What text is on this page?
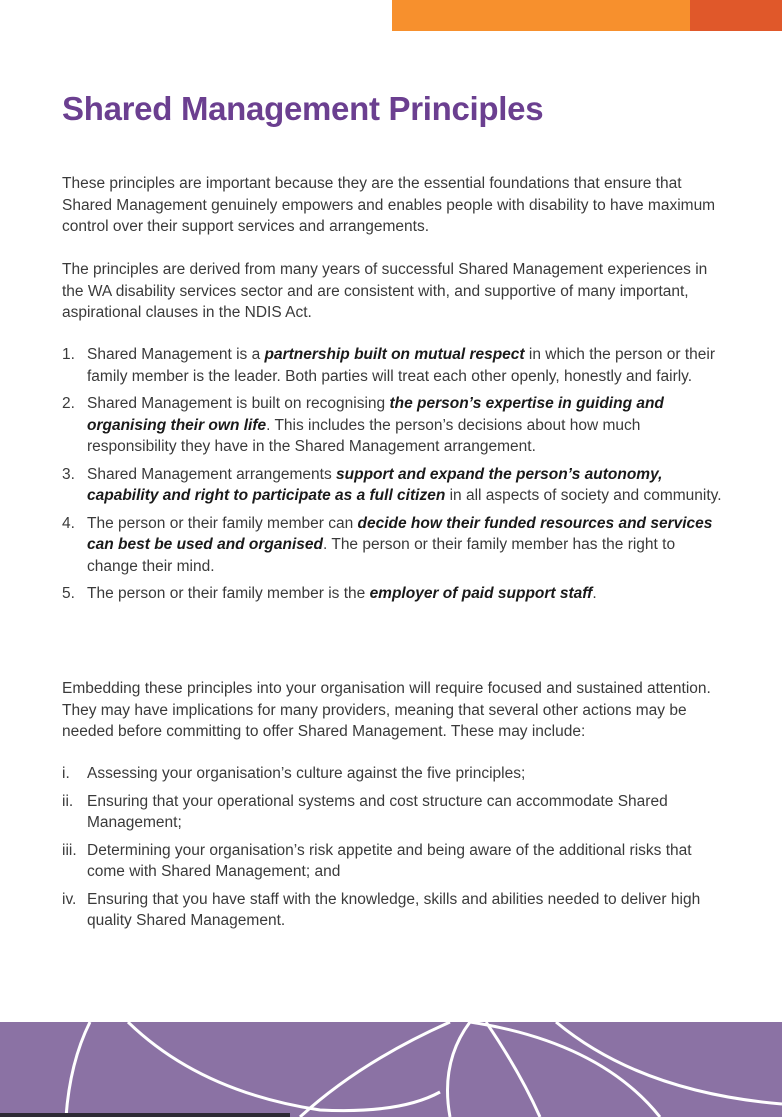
Shared Management Principles

These principles are important because they are the essential foundations that ensure that Shared Management genuinely empowers and enables people with disability to have maximum control over their support services and arrangements.

The principles are derived from many years of successful Shared Management experiences in the WA disability services sector and are consistent with, and supportive of many important, aspirational clauses in the NDIS Act.

1. Shared Management is a partnership built on mutual respect in which the person or their family member is the leader. Both parties will treat each other openly, honestly and fairly.
2. Shared Management is built on recognising the person’s expertise in guiding and organising their own life. This includes the person’s decisions about how much responsibility they have in the Shared Management arrangement.
3. Shared Management arrangements support and expand the person’s autonomy, capability and right to participate as a full citizen in all aspects of society and community.
4. The person or their family member can decide how their funded resources and services can best be used and organised. The person or their family member has the right to change their mind.
5. The person or their family member is the employer of paid support staff.

Embedding these principles into your organisation will require focused and sustained attention. They may have implications for many providers, meaning that several other actions may be needed before committing to offer Shared Management. These may include:

i. Assessing your organisation’s culture against the five principles;
ii. Ensuring that your operational systems and cost structure can accommodate Shared Management;
iii. Determining your organisation’s risk appetite and being aware of the additional risks that come with Shared Management; and
iv. Ensuring that you have staff with the knowledge, skills and abilities needed to deliver high quality Shared Management.
